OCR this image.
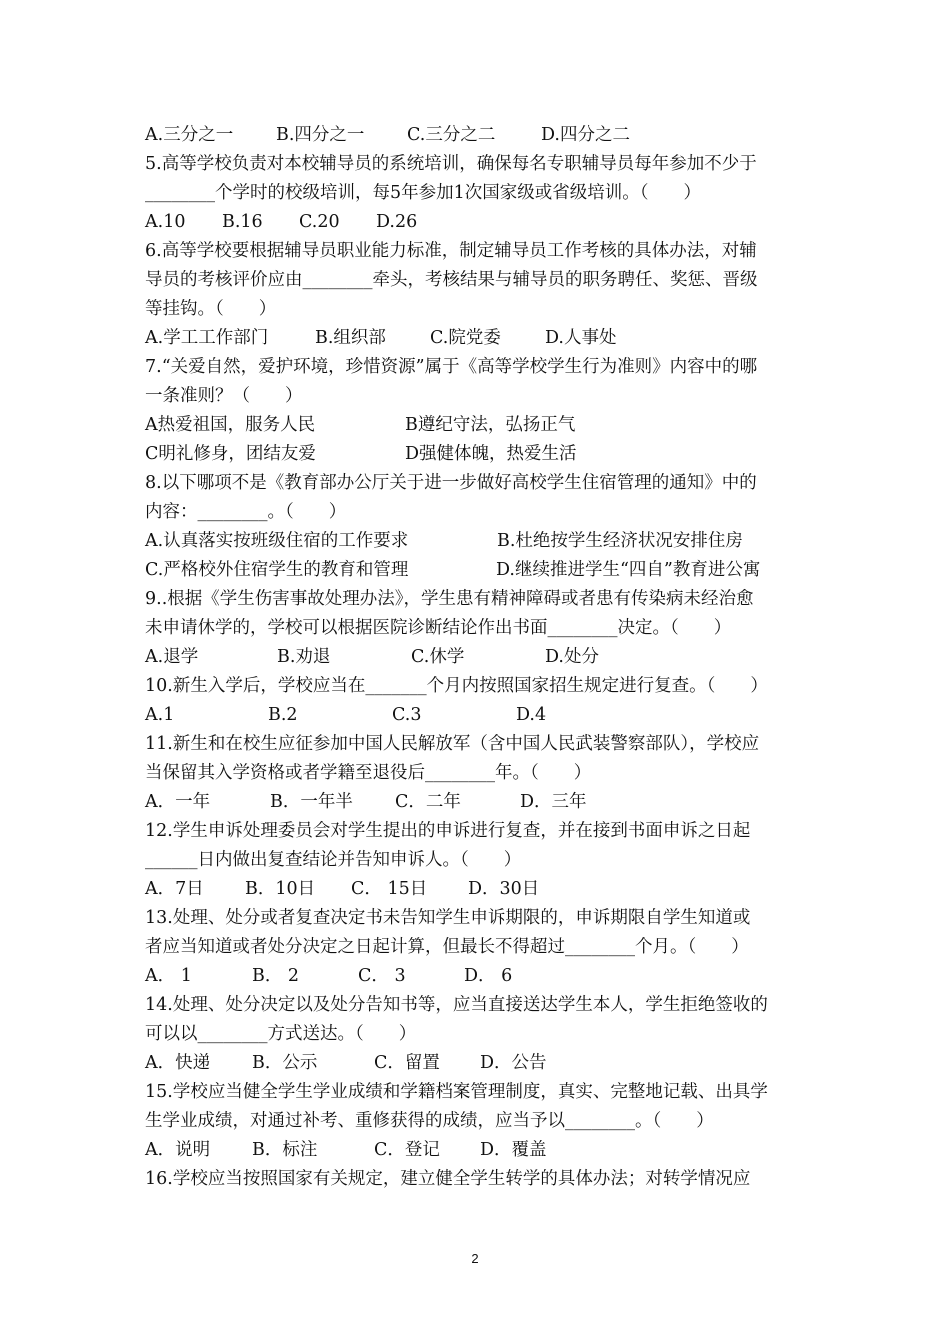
A.三分之一	B.四分之一	C.三分之二	D.四分之二
5.高等学校负责对本校辅导员的系统培训，确保每名专职辅导员每年参加不少于
________个学时的校级培训，每5年参加1次国家级或省级培训。（　　）
A.10	B.16	C.20	D.26
6.高等学校要根据辅导员职业能力标准，制定辅导员工作考核的具体办法，对辅
导员的考核评价应由________牵头，考核结果与辅导员的职务聘任、奖惩、晋级
等挂钩。（　　）
A.学工工作部门	B.组织部	C.院党委	D.人事处
7.“关爱自然，爱护环境，珍惜资源”属于《高等学校学生行为准则》内容中的哪
一条准则？（　　）
A热爱祖国，服务人民	B遵纪守法，弘扬正气
C明礼修身，团结友爱	D强健体魄，热爱生活
8.以下哪项不是《教育部办公厅关于进一步做好高校学生住宿管理的通知》中的
内容：________。（　　）
A.认真落实按班级住宿的工作要求	B.杜绝按学生经济状况安排住房
C.严格校外住宿学生的教育和管理	D.继续推进学生“四自”教育进公寓
9..根据《学生伤害事故处理办法》，学生患有精神障碍或者患有传染病未经治愈
未申请休学的，学校可以根据医院诊断结论作出书面________决定。（　　）
A.退学	B.劝退	C.休学	D.处分
10.新生入学后，学校应当在_______个月内按照国家招生规定进行复查。（　　）
A.1	B.2	C.3	D.4
11.新生和在校生应征参加中国人民解放军（含中国人民武装警察部队），学校应
当保留其入学资格或者学籍至退役后________年。（　　）
A．一年	B．一年半	C．二年	D．三年
12.学生申诉处理委员会对学生提出的申诉进行复查，并在接到书面申诉之日起
______日内做出复查结论并告知申诉人。（　　）
A．7日	B．10日	C． 15日	D．30日
13.处理、处分或者复查决定书未告知学生申诉期限的，申诉期限自学生知道或
者应当知道或者处分决定之日起计算，但最长不得超过________个月。（　　）
A． 1	B． 2	C． 3	D． 6
14.处理、处分决定以及处分告知书等，应当直接送达学生本人，学生拒绝签收的
可以以________方式送达。（　　）
A．快递	B．公示	C．留置	D．公告
15.学校应当健全学生学业成绩和学籍档案管理制度，真实、完整地记载、出具学
生学业成绩，对通过补考、重修获得的成绩，应当予以________。（　　）
A．说明	B．标注	C．登记	D．覆盖
16.学校应当按照国家有关规定，建立健全学生转学的具体办法；对转学情况应
2
